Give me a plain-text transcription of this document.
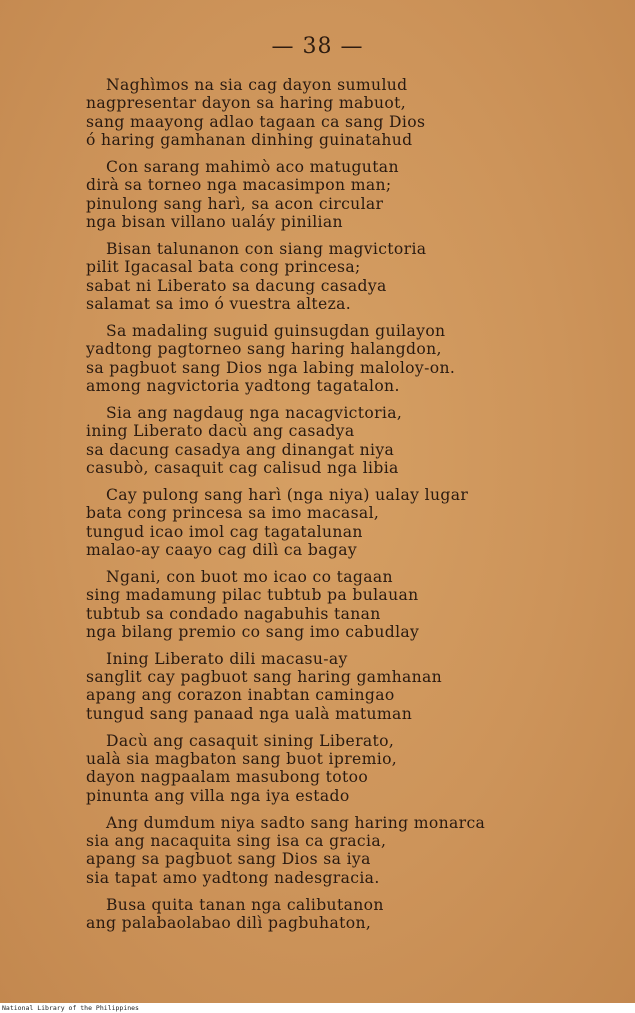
— 38 —
Naghìmos na sia cag dayon sumulud
nagpresentar dayon sa haring mabuot,
sang maayong adlao tagaan ca sang Dios
ó haring gamhanan dinhing guinatahud
Con sarang mahimò aco matugutan
dirà sa torneo nga macasimpon man;
pinulong sang harì, sa acon circular
nga bisan villano ualáy pinilian
Bisan talunanon con siang magvictoria
pilit Igacasal bata cong princesa;
sabat ni Liberato sa dacung casadya
salamat sa imo ó vuestra alteza.
Sa madaling suguid guinsugdan guilayon
yadtong pagtorneo sang haring halangdon,
sa pagbuot sang Dios nga labing maloloy-on.
among nagvictoria yadtong tagatalon.
Sia ang nagdaug nga nacagvictoria,
ining Liberato dacù ang casadya
sa dacung casadya ang dinangat niya
casubò, casaquit cag calisud nga libia
Cay pulong sang harì (nga niya) ualay lugar
bata cong princesa sa imo macasal,
tungud icao imol cag tagatalunan
malao-ay caayo cag dilì ca bagay
Ngani, con buot mo icao co tagaan
sing madamung pilac tubtub pa bulauan
tubtub sa condado nagabuhis tanan
nga bilang premio co sang imo cabudlay
Ining Liberato dili macasu-ay
sanglit cay pagbuot sang haring gamhanan
apang ang corazon inabtan camingao
tungud sang panaad nga ualà matuman
Dacù ang casaquit sining Liberato,
ualà sia magbaton sang buot ipremio,
dayon nagpaalam masubong totoo
pinunta ang villa nga iya estado
Ang dumdum niya sadto sang haring monarca
sia ang nacaquita sing isa ca gracia,
apang sa pagbuot sang Dios sa iya
sia tapat amo yadtong nadesgracia.
Busa quita tanan nga calibutanon
ang palabaolabao dilì pagbuhaton,
National Library of the Philippines
